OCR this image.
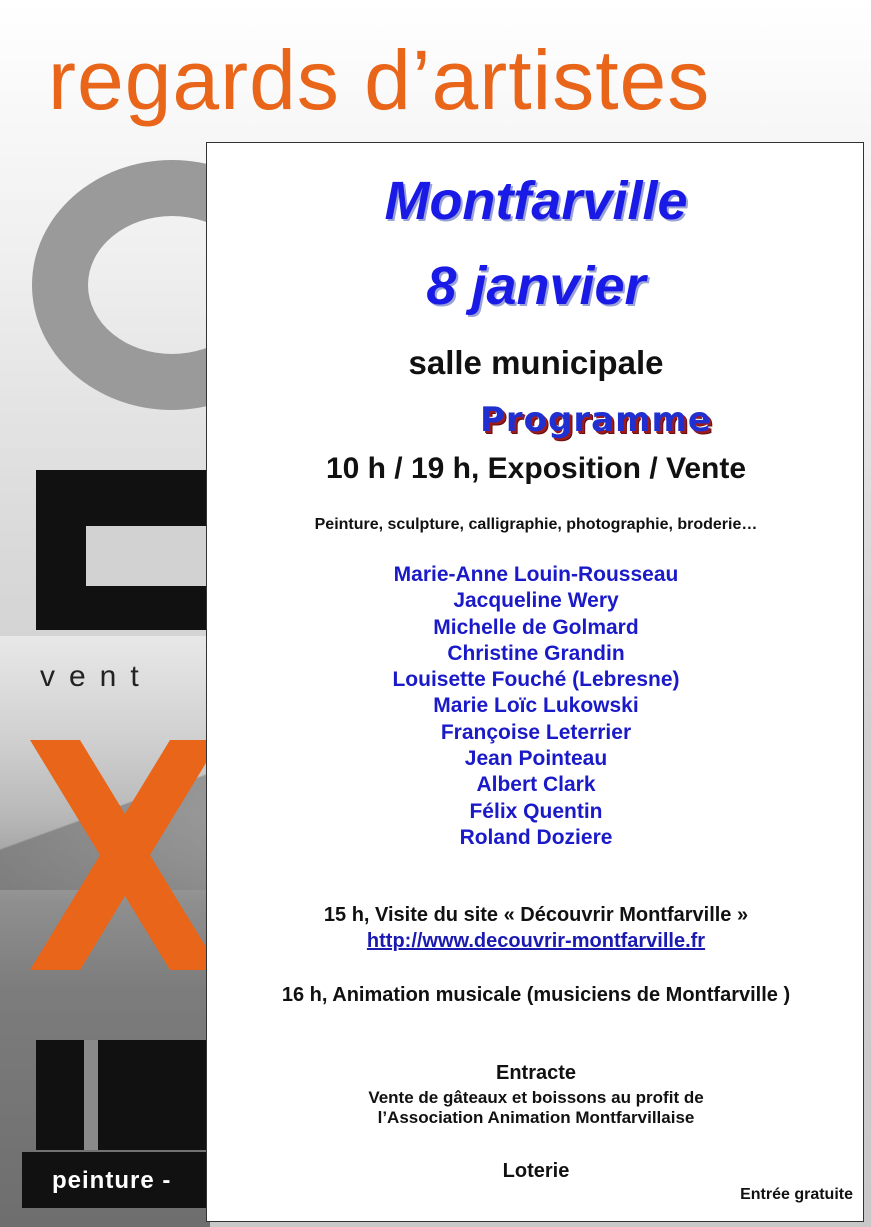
regards d’artistes

vent

peinture -

Montfarville

8 janvier

salle municipale

Programme

10 h / 19 h, Exposition / Vente

Peinture, sculpture, calligraphie, photographie, broderie…

Marie-Anne Louin-Rousseau
Jacqueline Wery
Michelle de Golmard
Christine Grandin
Louisette Fouché (Lebresne)
Marie Loïc Lukowski
Françoise Leterrier
Jean Pointeau
Albert Clark
Félix Quentin
Roland Doziere

15 h, Visite du site « Découvrir Montfarville »

http://www.decouvrir-montfarville.fr

16 h, Animation musicale (musiciens de Montfarville )

Entracte

Vente de gâteaux et boissons au profit de

l’Association Animation Montfarvillaise

Loterie

Entrée gratuite
